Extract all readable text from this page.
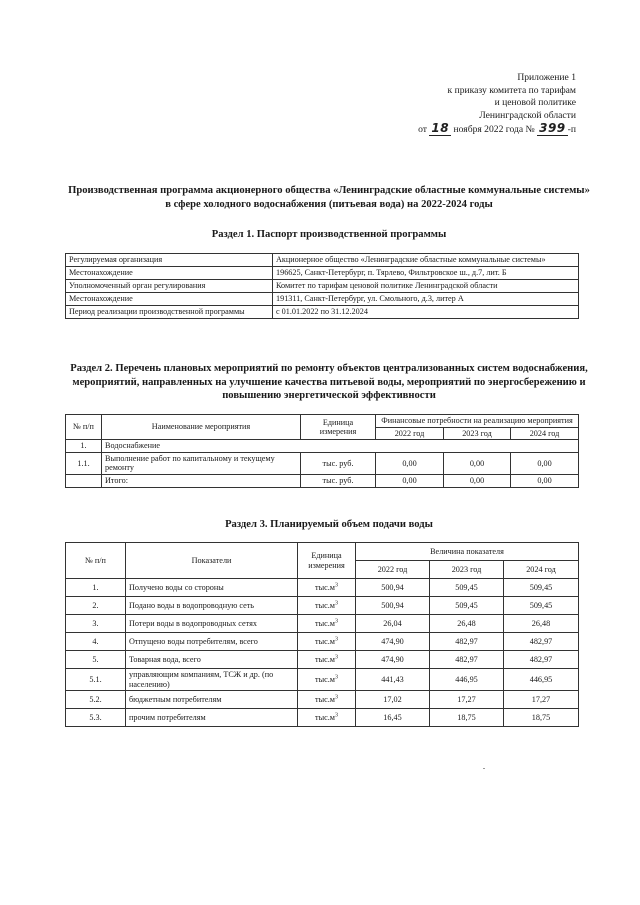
Приложение 1
к приказу комитета по тарифам
и ценовой политике
Ленинградской области
от 18 ноября 2022 года № 399 -п
Производственная программа акционерного общества «Ленинградские областные коммунальные системы» в сфере холодного водоснабжения (питьевая вода) на 2022-2024 годы
Раздел 1. Паспорт производственной программы
Регулируемая организация	Акционерное общество «Ленинградские областные коммунальные системы»
Местонахождение	196625, Санкт-Петербург, п. Тярлево, Фильтровское ш., д.7, лит. Б
Уполномоченный орган регулирования	Комитет по тарифам ценовой политике Ленинградской области
Местонахождение	191311, Санкт-Петербург, ул. Смольного, д.3, литер А
Период реализации производственной программы	с 01.01.2022 по 31.12.2024
Раздел 2. Перечень плановых мероприятий по ремонту объектов централизованных систем водоснабжения, мероприятий, направленных на улучшение качества питьевой воды, мероприятий по энергосбережению и повышению энергетической эффективности
№ п/п	Наименование мероприятия	Единица измерения	Финансовые потребности на реализацию мероприятия		
			2022 год	2023 год	2024 год
1.	Водоснабжение				
1.1.	Выполнение работ по капитальному и текущему ремонту	тыс. руб.	0,00	0,00	0,00
	Итого:	тыс. руб.	0,00	0,00	0,00
Раздел 3. Планируемый объем подачи воды
№ п/п	Показатели	Единица измерения	Величина показателя		
			2022 год	2023 год	2024 год
1.	Получено воды со стороны	$тыс.м^3$	500,94	509,45	509,45
2.	Подано воды в водопроводную сеть	$тыс.м^3$	500,94	509,45	509,45
3.	Потери воды в водопроводных сетях	$тыс.м^3$	26,04	26,48	26,48
4.	Отпущено воды потребителям, всего	$тыс.м^3$	474,90	482,97	482,97
5.	Товарная вода, всего	$тыс.м^3$	474,90	482,97	482,97
5.1.	управляющим компаниям, ТСЖ и др. (по населению)	$тыс.м^3$	441,43	446,95	446,95
5.2.	бюджетным потребителям	$тыс.м^3$	17,02	17,27	17,27
5.3.	прочим потребителям	$тыс.м^3$	16,45	18,75	18,75
